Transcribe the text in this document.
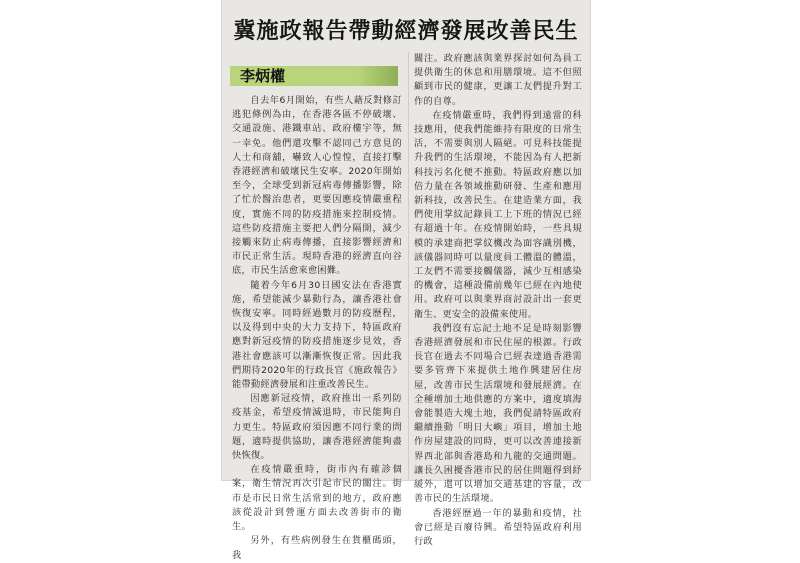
冀施政報告帶動經濟發展改善民生
李炳權

自去年6月開始，有些人藉反對修訂逃犯條例為由，在香港各區不停破壞、交通設施、港鐵車站、政府樓宇等，無一幸免。他們還攻擊不認同己方意見的人士和商舖，嚇致人心惶惶，直接打擊香港經濟和破壞民生安寧。2020年開始至今，全球受到新冠病毒傳播影響，除了忙於醫治患者，更要因應疫情嚴重程度，實施不同的防疫措施來控制疫情。這些防疫措施主要把人們分隔開，減少接觸來防止病毒傳播，直接影響經濟和市民正常生活。現時香港的經濟直向谷底，市民生活愈來愈困難。

隨着今年6月30日國安法在香港實施，希望能減少暴動行為，讓香港社會恢復安寧。同時經過數月的防疫歷程，以及得到中央的大力支持下，特區政府應對新冠疫情的防疫措施逐步見效，香港社會應該可以漸漸恢復正常。因此我們期待2020年的行政長官《施政報告》能帶動經濟發展和注重改善民生。

因應新冠疫情，政府推出一系列防疫基金，希望疫情減退時，市民能夠自力更生。特區政府須因應不同行業的問題，適時提供協助，讓香港經濟能夠盡快恢復。

在疫情嚴重時，街市內有確診個案，衛生情況再次引起市民的關注。街市是市民日常生活常到的地方，政府應該從設計到營運方面去改善街市的衛生。

另外，有些病例發生在貨櫃碼頭，我

關注。政府應該與業界探討如何為員工提供衛生的休息和用膳環境。這不但照顧到市民的健康，更讓工友們提升對工作的自尊。

在疫情嚴重時，我們得到遠當的科技應用，使我們能維持有限度的日常生活，不需要與別人隔絕。可見科技能提升我們的生活環境，不能因為有人把新科技污名化便不推動。特區政府應以加倍力量在各領域推動研發、生產和應用新科技，改善民生。在建造業方面，我們使用掌紋記錄員工上下班的情況已經有超過十年。在疫情開始時，一些具規模的承建商把掌紋機改為面容識別機，該儀器同時可以量度員工體溫的體溫，工友們不需要接觸儀器，減少互相感染的機會，這種設備前幾年已經在內地使用。政府可以與業界商討設計出一套更衛生、更安全的設備來使用。

我們沒有忘記土地不足是時刻影響香港經濟發展和市民住屋的根源。行政長官在過去不同場合已經表達過香港需要多管齊下來提供土地作興建居住房屋，改善市民生活環境和發展經濟。在全種增加土地供應的方案中，適度填海會能製造大塊土地，我們促請特區政府繼續推動「明日大嶼」項目，增加土地作房屋建設的同時，更可以改善連接新界西北部與香港島和九龍的交通問題。讓長久困擾香港市民的居住問題得到紓緩外，還可以增加交通基建的容量，改善市民的生活環境。

香港經歷過一年的暴動和疫情，社會已經是百廢待興。希望特區政府利用行政
